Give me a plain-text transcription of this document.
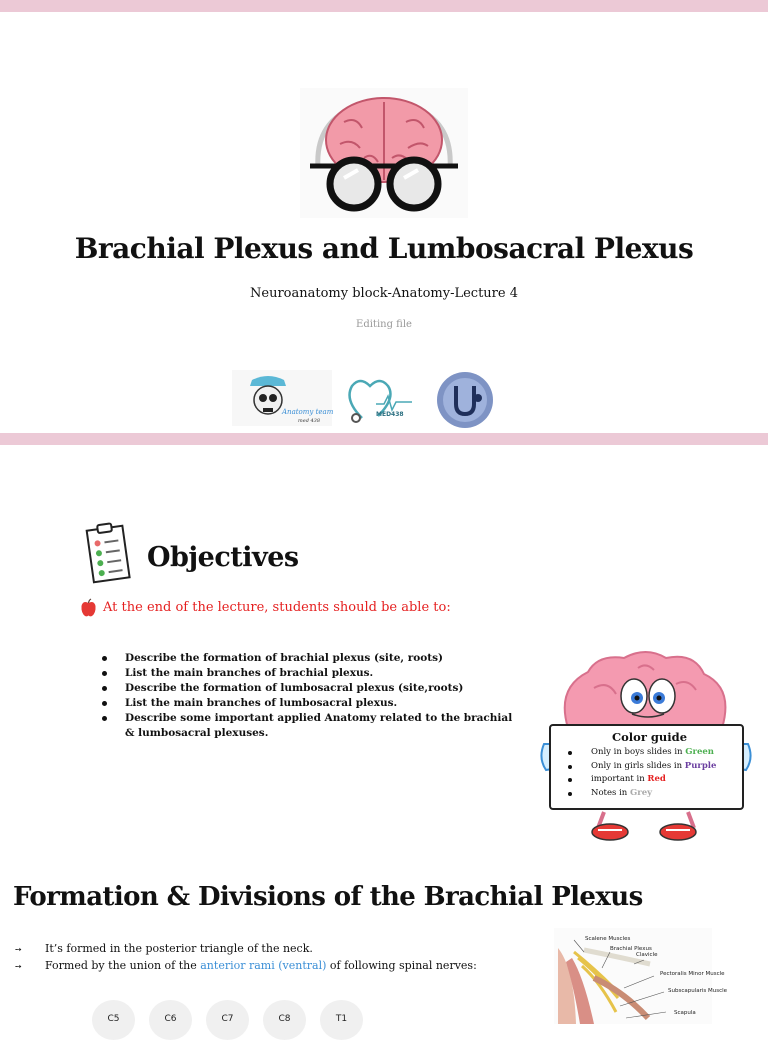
Brachial Plexus and Lumbosacral Plexus
Neuroanatomy block-Anatomy-Lecture 4
Editing file
Anatomy team
med 438
MED438
Objectives
At the end of the lecture, students should be able to:
Describe the formation of brachial plexus (site, roots)
List the main branches of brachial plexus.
Describe the formation of lumbosacral plexus (site,roots)
List the main branches of lumbosacral plexus.
Describe some important applied Anatomy related to the brachial & lumbosacral plexuses.	Color guide
Only in boys slides in Green
Only in girls slides in Purple
important in Red
Notes in Grey
Formation & Divisions of the Brachial Plexus
➙	It’s formed in the posterior triangle of the neck.
➙	Formed by the union of the anterior rami (ventral) of following spinal nerves:
C5	C6	C7	C8	T1
Scalene Muscles
Brachial Plexus
Clavicle
Pectoralis Minor Muscle
Subscapularis Muscle
Scapula
